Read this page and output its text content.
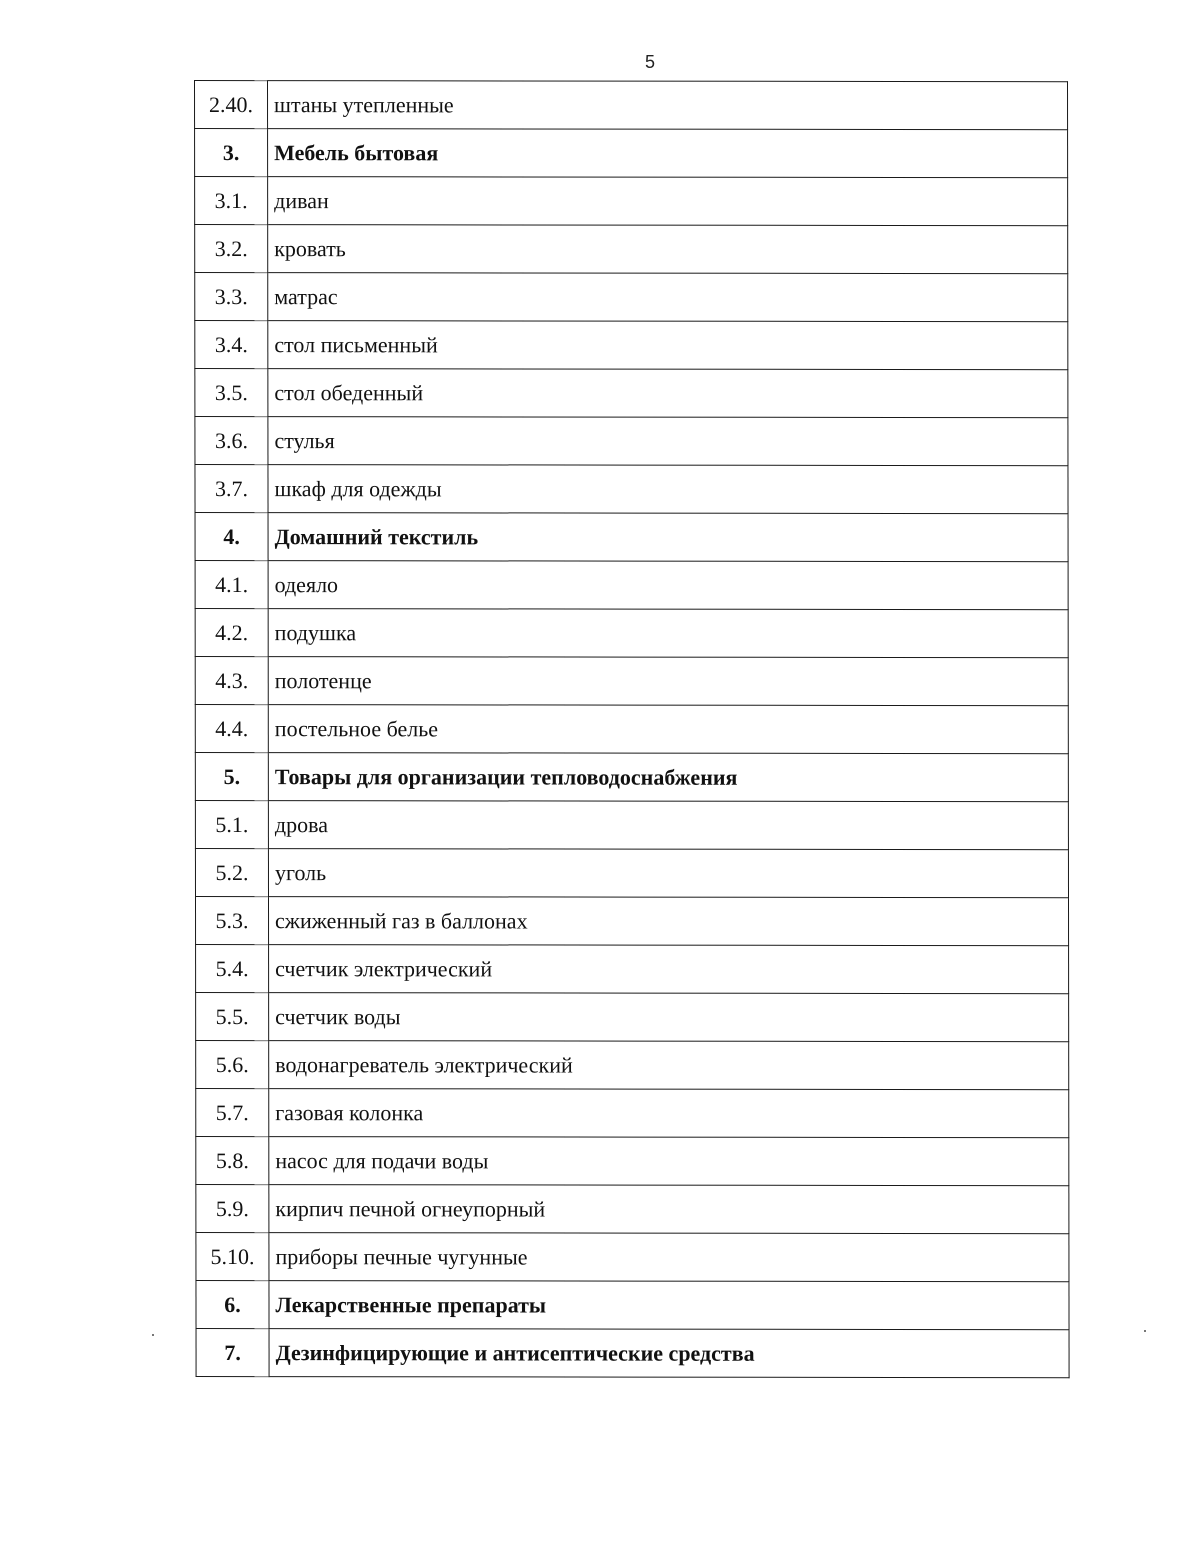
5
2.40.	штаны утепленные
3.	Мебель бытовая
3.1.	диван
3.2.	кровать
3.3.	матрас
3.4.	стол письменный
3.5.	стол обеденный
3.6.	стулья
3.7.	шкаф для одежды
4.	Домашний текстиль
4.1.	одеяло
4.2.	подушка
4.3.	полотенце
4.4.	постельное белье
5.	Товары для организации тепловодоснабжения
5.1.	дрова
5.2.	уголь
5.3.	сжиженный газ в баллонах
5.4.	счетчик электрический
5.5.	счетчик воды
5.6.	водонагреватель электрический
5.7.	газовая колонка
5.8.	насос для подачи воды
5.9.	кирпич печной огнеупорный
5.10.	приборы печные чугунные
6.	Лекарственные препараты
7.	Дезинфицирующие и антисептические средства
